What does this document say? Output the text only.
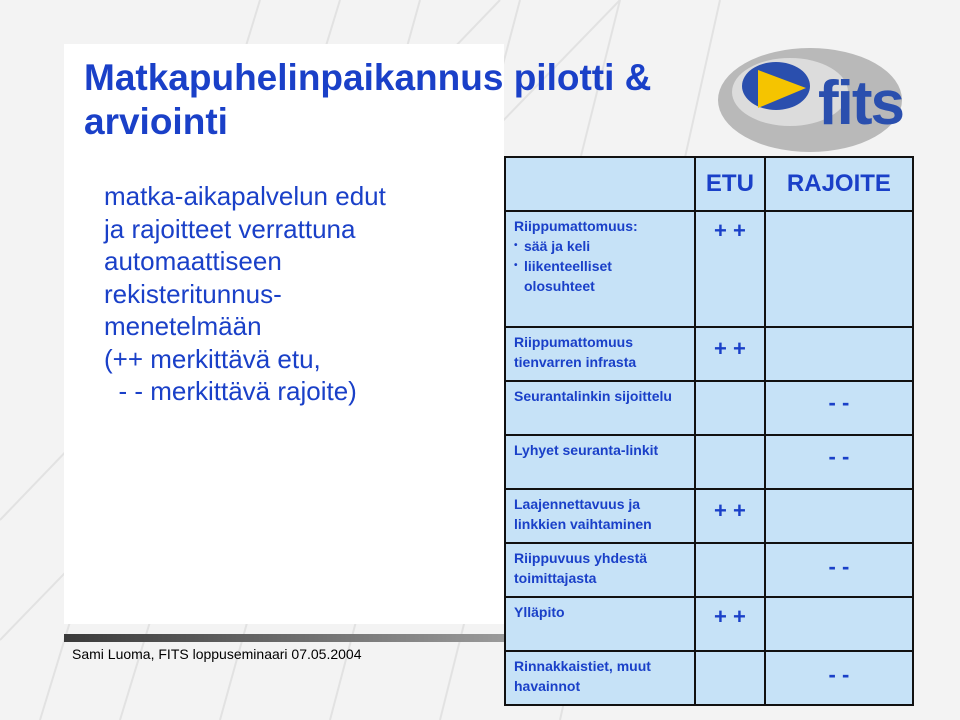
Matkapuhelinpaikannus pilotti & arviointi
matka-aikapalvelun edut
ja rajoitteet verrattuna
automaattiseen
rekisteritunnus-
menetelmään
(++ merkittävä etu,
- - merkittävä rajoite)
fits
Sami Luoma, FITS loppuseminaari 07.05.2004
	ETU	RAJOITE

Riippumattomuus:
• sää ja keli
• liikenteelliset
olosuhteet	+ +	

Riippumattomuus tienvarren infrasta	+ +	

Seurantalinkin sijoittelu		- -

Lyhyet seuranta-linkit		- -

Laajennettavuus ja linkkien vaihtaminen	+ +	

Riippuvuus yhdestä toimittajasta		- -

Ylläpito	+ +	

Rinnakkaistiet, muut havainnot		- -
